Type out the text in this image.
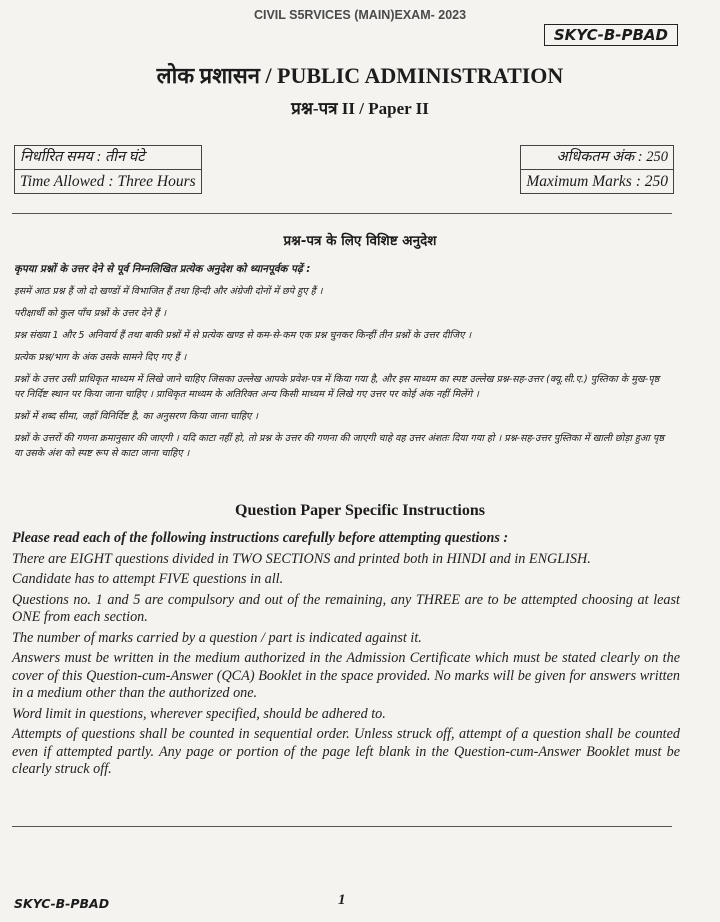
CIVIL S5RVICES (MAIN)EXAM- 2023
SKYC-B-PBAD
लोक प्रशासन / PUBLIC ADMINISTRATION
प्रश्न-पत्र II / Paper II
निर्धारित समय : तीन घंटे
Time Allowed : Three Hours
अधिकतम अंक : 250
Maximum Marks : 250
प्रश्न-पत्र के लिए विशिष्ट अनुदेश

कृपया प्रश्नों के उत्तर देने से पूर्व निम्नलिखित प्रत्येक अनुदेश को ध्यानपूर्वक पढ़ें :

इसमें आठ प्रश्न हैं जो दो खण्डों में विभाजित हैं तथा हिन्दी और अंग्रेजी दोनों में छपे हुए हैं ।

परीक्षार्थी को कुल पाँच प्रश्नों के उत्तर देने हैं ।

प्रश्न संख्या 1 और 5 अनिवार्य हैं तथा बाकी प्रश्नों में से प्रत्येक खण्ड से कम-से-कम एक प्रश्न चुनकर किन्हीं तीन प्रश्नों के उत्तर दीजिए ।

प्रत्येक प्रश्न/भाग के अंक उसके सामने दिए गए हैं ।

प्रश्नों के उत्तर उसी प्राधिकृत माध्यम में लिखे जाने चाहिए जिसका उल्लेख आपके प्रवेश-पत्र में किया गया है, और इस माध्यम का स्पष्ट उल्लेख प्रश्न-सह-उत्तर (क्यू.सी.ए.) पुस्तिका के मुख-पृष्ठ पर निर्दिष्ट स्थान पर किया जाना चाहिए । प्राधिकृत माध्यम के अतिरिक्त अन्य किसी माध्यम में लिखे गए उत्तर पर कोई अंक नहीं मिलेंगे ।

प्रश्नों में शब्द सीमा, जहाँ विनिर्दिष्ट है, का अनुसरण किया जाना चाहिए ।

प्रश्नों के उत्तरों की गणना क्रमानुसार की जाएगी । यदि काटा नहीं हो, तो प्रश्न के उत्तर की गणना की जाएगी चाहे वह उत्तर अंशतः दिया गया हो । प्रश्न-सह-उत्तर पुस्तिका में खाली छोड़ा हुआ पृष्ठ या उसके अंश को स्पष्ट रूप से काटा जाना चाहिए ।

Question Paper Specific Instructions

Please read each of the following instructions carefully before attempting questions :

There are EIGHT questions divided in TWO SECTIONS and printed both in HINDI and in ENGLISH.

Candidate has to attempt FIVE questions in all.

Questions no. 1 and 5 are compulsory and out of the remaining, any THREE are to be attempted choosing at least ONE from each section.

The number of marks carried by a question / part is indicated against it.

Answers must be written in the medium authorized in the Admission Certificate which must be stated clearly on the cover of this Question-cum-Answer (QCA) Booklet in the space provided. No marks will be given for answers written in a medium other than the authorized one.

Word limit in questions, wherever specified, should be adhered to.

Attempts of questions shall be counted in sequential order. Unless struck off, attempt of a question shall be counted even if attempted partly. Any page or portion of the page left blank in the Question-cum-Answer Booklet must be clearly struck off.

SKYC-B-PBAD	1
